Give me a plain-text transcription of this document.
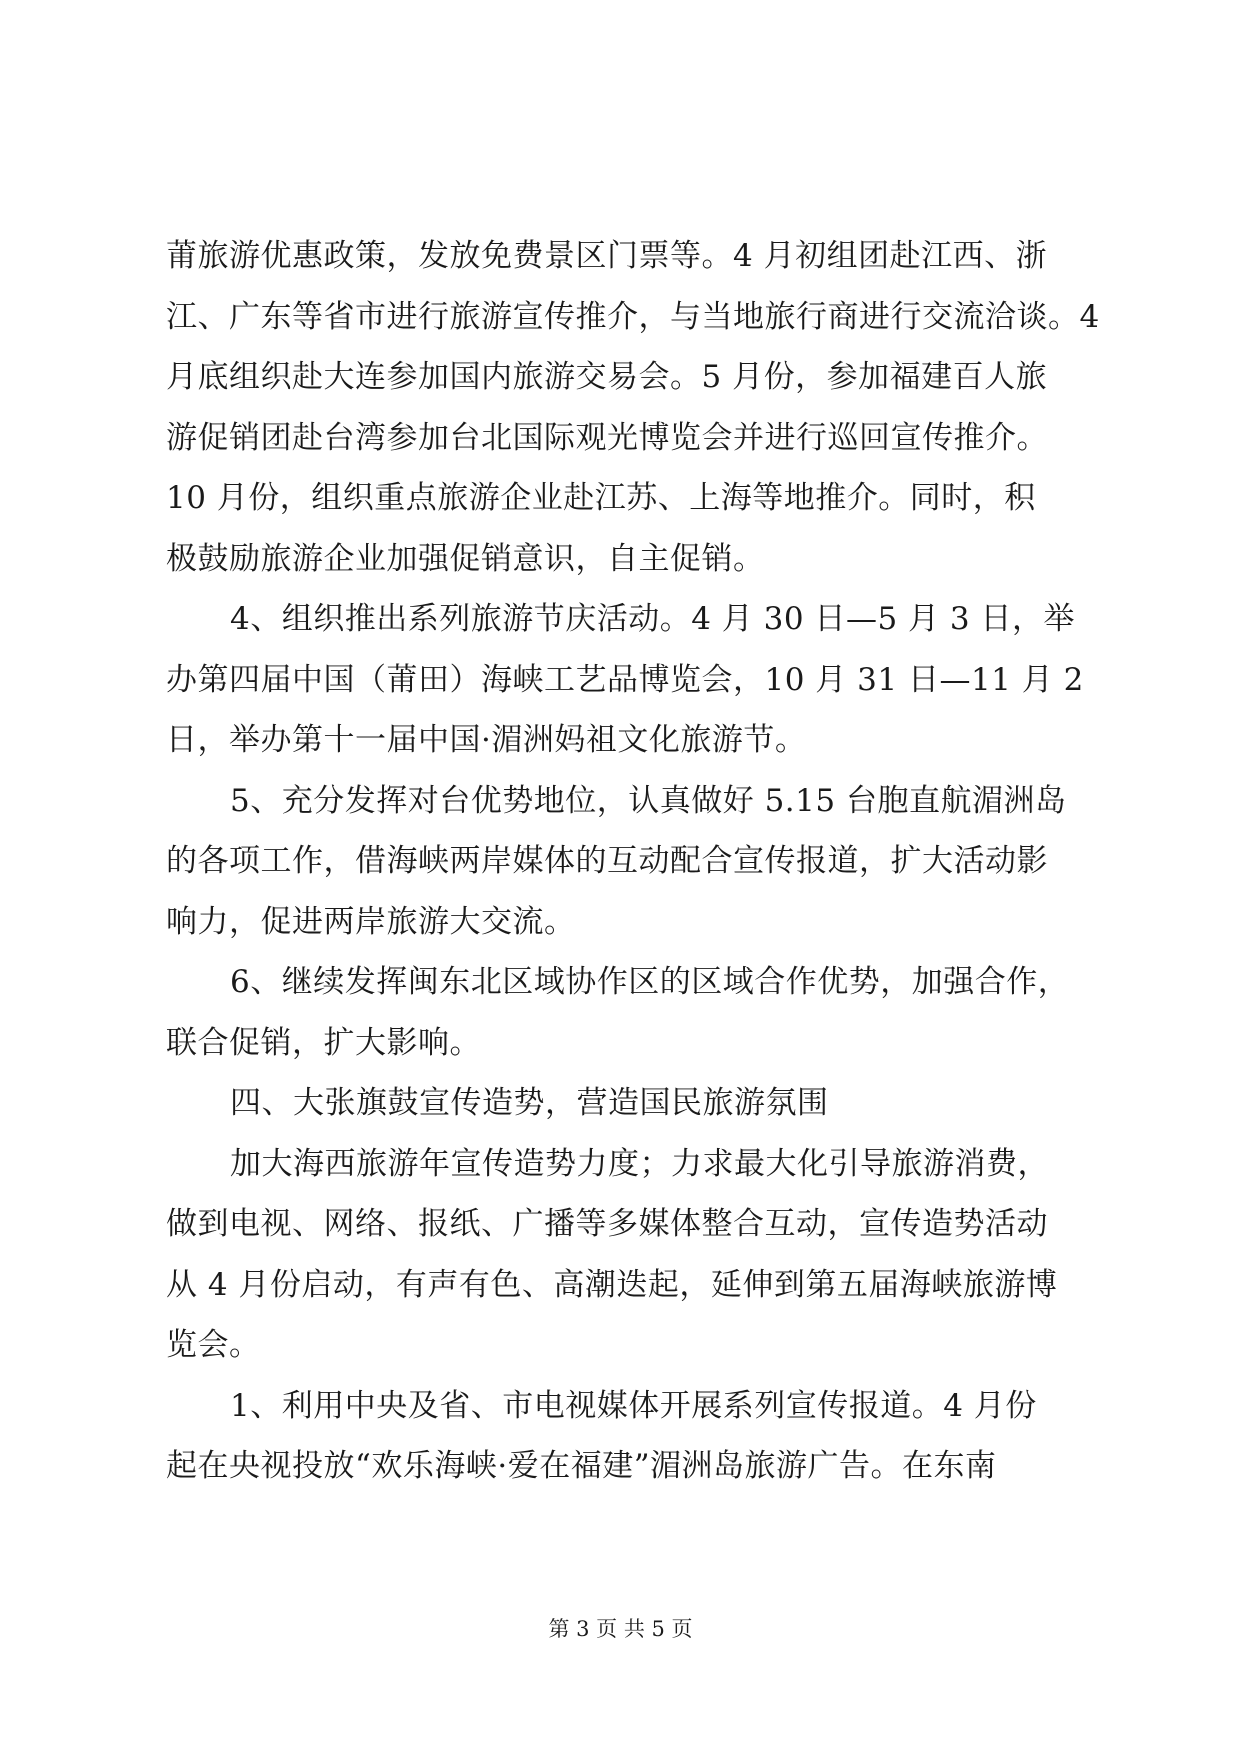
莆旅游优惠政策，发放免费景区门票等。4 月初组团赴江西、浙
江、广东等省市进行旅游宣传推介，与当地旅行商进行交流洽谈。4
月底组织赴大连参加国内旅游交易会。5 月份，参加福建百人旅
游促销团赴台湾参加台北国际观光博览会并进行巡回宣传推介。
10 月份，组织重点旅游企业赴江苏、上海等地推介。同时，积
极鼓励旅游企业加强促销意识，自主促销。
4、组织推出系列旅游节庆活动。4 月 30 日—5 月 3 日，举
办第四届中国（莆田）海峡工艺品博览会，10 月 31 日—11 月 2
日，举办第十一届中国·湄洲妈祖文化旅游节。
5、充分发挥对台优势地位，认真做好 5.15 台胞直航湄洲岛
的各项工作，借海峡两岸媒体的互动配合宣传报道，扩大活动影
响力，促进两岸旅游大交流。
6、继续发挥闽东北区域协作区的区域合作优势，加强合作，
联合促销，扩大影响。
四、大张旗鼓宣传造势，营造国民旅游氛围
加大海西旅游年宣传造势力度；力求最大化引导旅游消费，
做到电视、网络、报纸、广播等多媒体整合互动，宣传造势活动
从 4 月份启动，有声有色、高潮迭起，延伸到第五届海峡旅游博
览会。
1、利用中央及省、市电视媒体开展系列宣传报道。4 月份
起在央视投放“欢乐海峡·爱在福建”湄洲岛旅游广告。在东南
第 3 页 共 5 页
